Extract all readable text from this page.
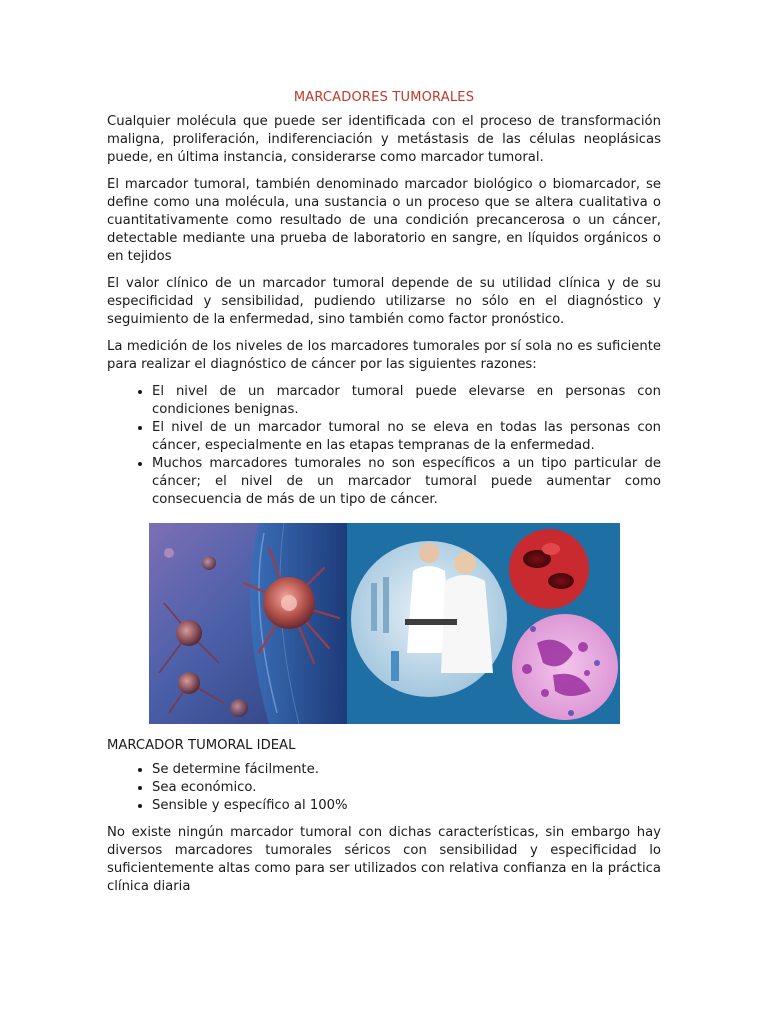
MARCADORES TUMORALES

Cualquier molécula que puede ser identificada con el proceso de transformación maligna, proliferación, indiferenciación y metástasis de las células neoplásicas puede, en última instancia, considerarse como marcador tumoral.

El marcador tumoral, también denominado marcador biológico o biomarcador, se define como una molécula, una sustancia o un proceso que se altera cualitativa o cuantitativamente como resultado de una condición precancerosa o un cáncer, detectable mediante una prueba de laboratorio en sangre, en líquidos orgánicos o en tejidos

El valor clínico de un marcador tumoral depende de su utilidad clínica y de su especificidad y sensibilidad, pudiendo utilizarse no sólo en el diagnóstico y seguimiento de la enfermedad, sino también como factor pronóstico.

La medición de los niveles de los marcadores tumorales por sí sola no es suficiente para realizar el diagnóstico de cáncer por las siguientes razones:

• El nivel de un marcador tumoral puede elevarse en personas con condiciones benignas.
• El nivel de un marcador tumoral no se eleva en todas las personas con cáncer, especialmente en las etapas tempranas de la enfermedad.
• Muchos marcadores tumorales no son específicos a un tipo particular de cáncer; el nivel de un marcador tumoral puede aumentar como consecuencia de más de un tipo de cáncer.
MARCADOR TUMORAL IDEAL
• Se determine fácilmente.
• Sea económico.
• Sensible y específico al 100%

No existe ningún marcador tumoral con dichas características, sin embargo hay diversos marcadores tumorales séricos con sensibilidad y especificidad lo suficientemente altas como para ser utilizados con relativa confianza en la práctica clínica diaria
